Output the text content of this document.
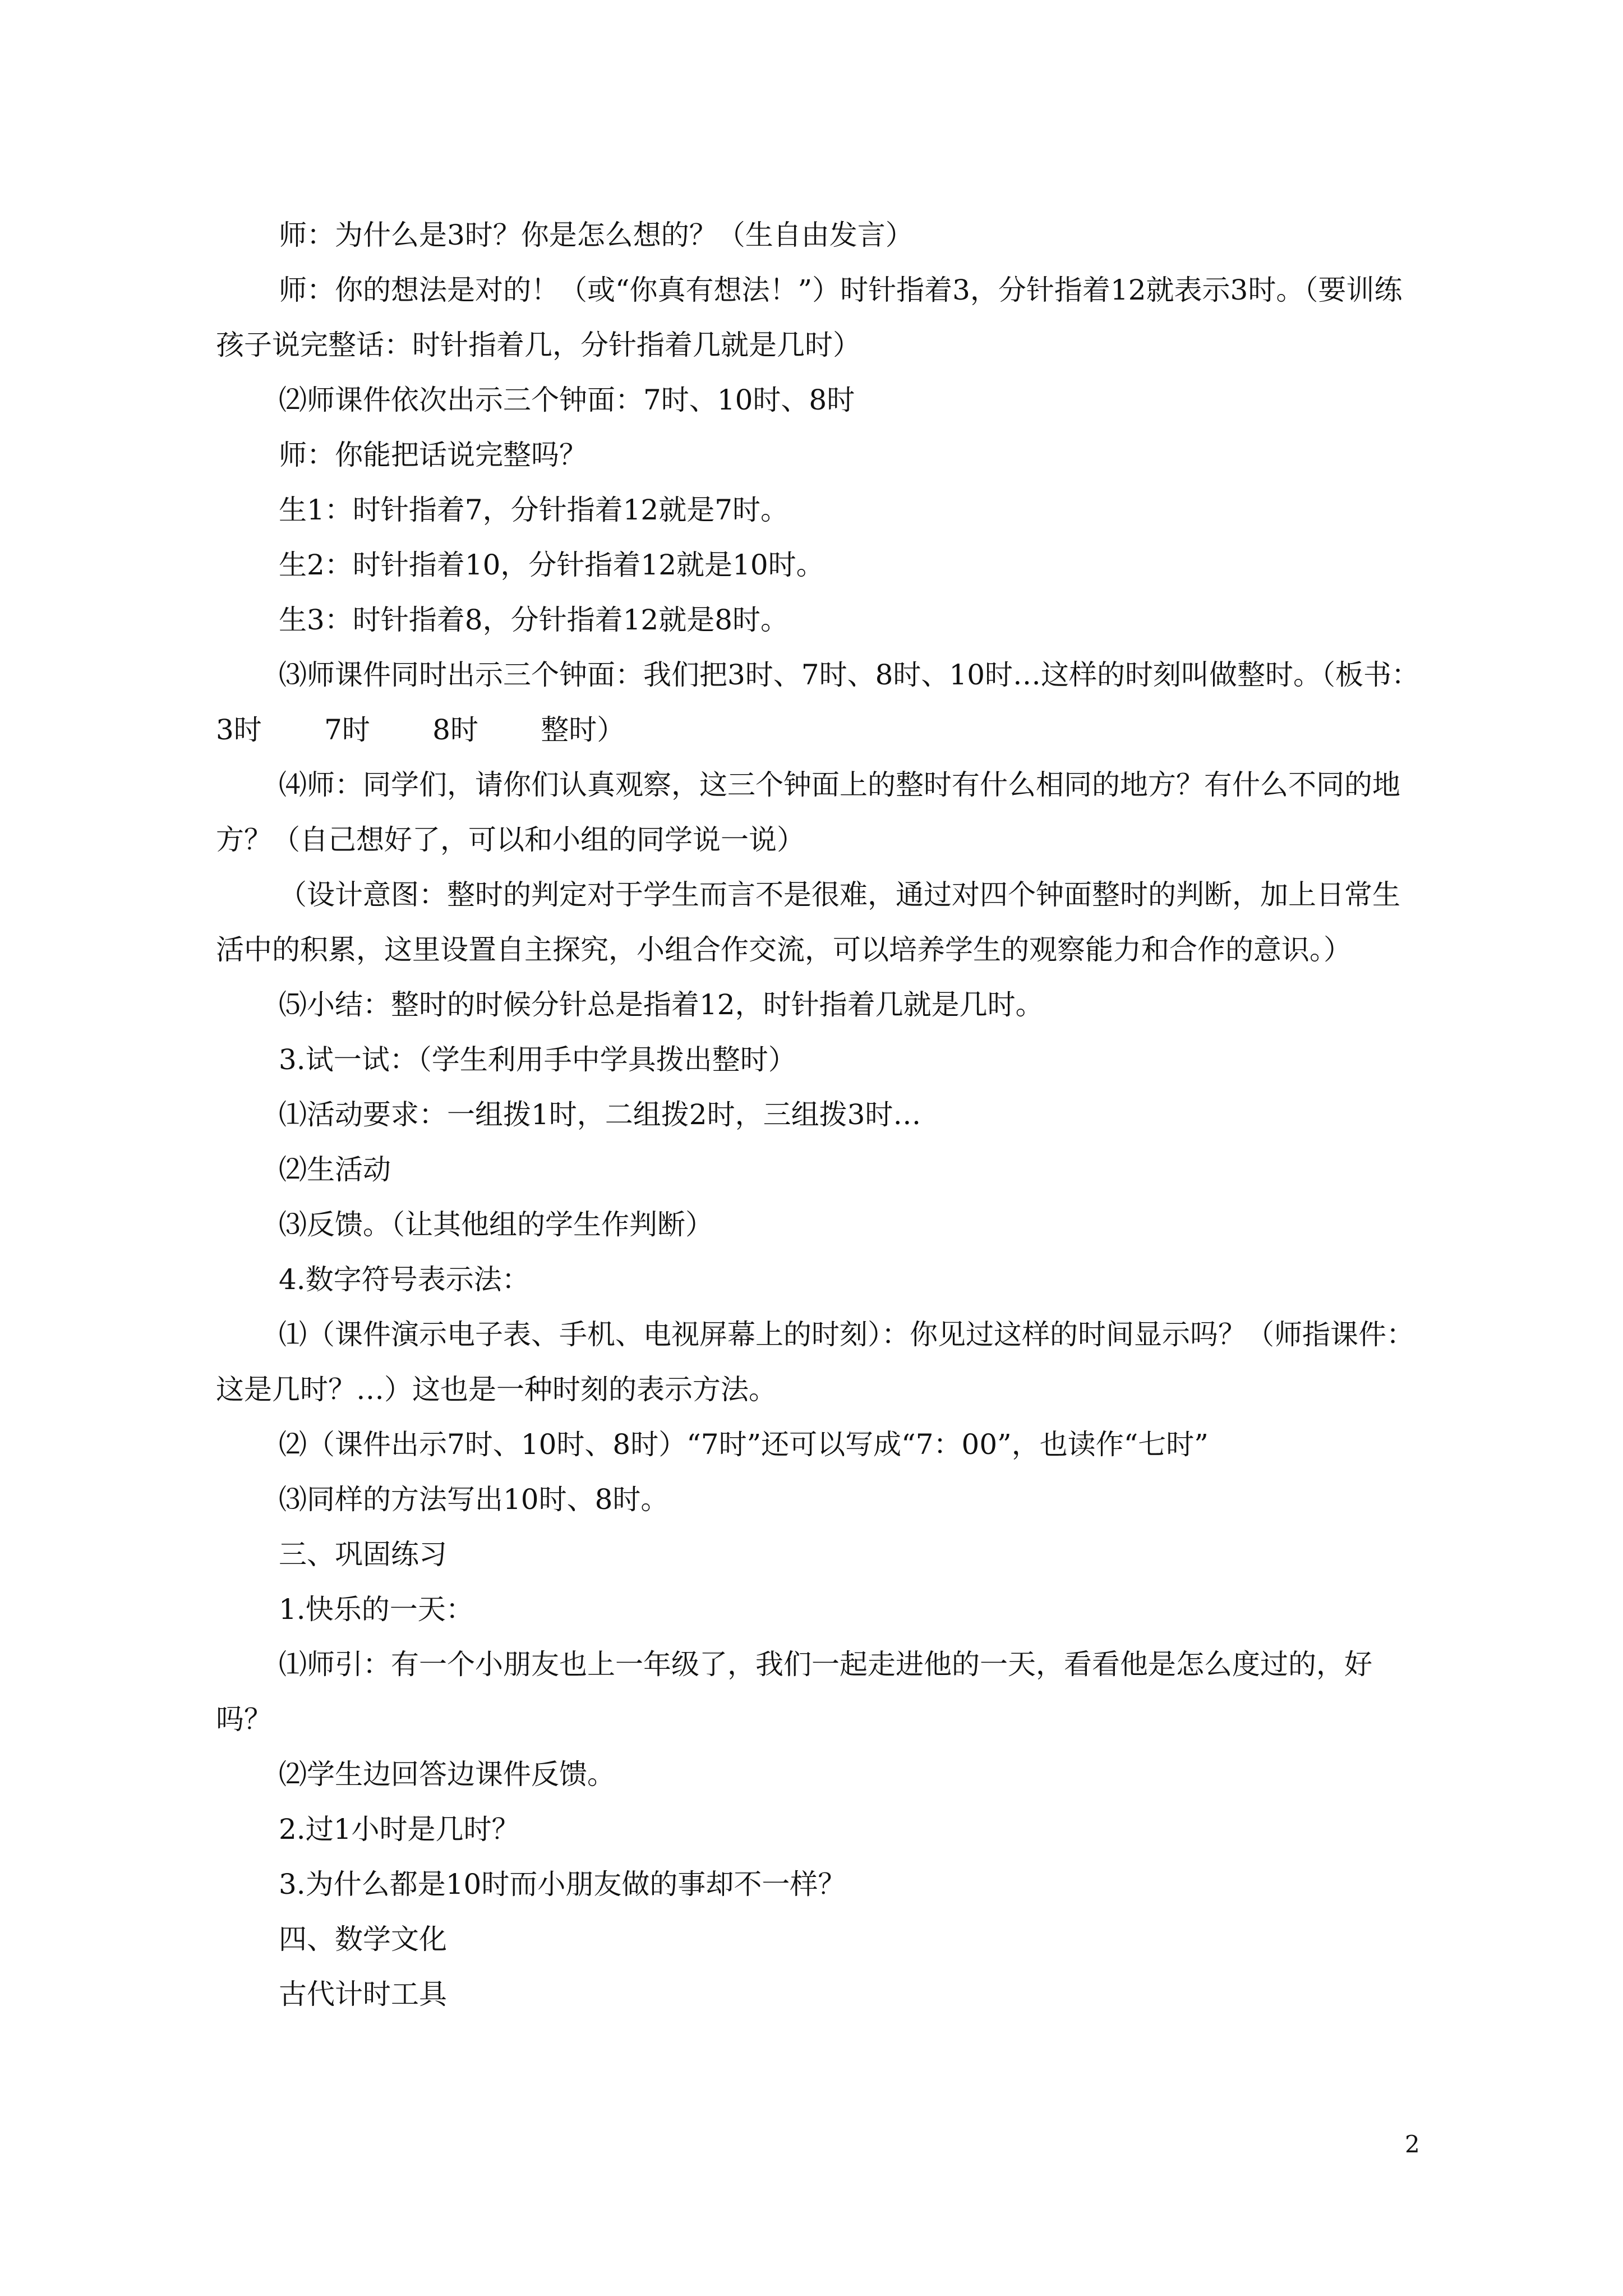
师：为什么是3时？你是怎么想的？（生自由发言）

师：你的想法是对的！（或“你真有想法！”）时针指着3，分针指着12就表示3时。（要训练孩子说完整话：时针指着几，分针指着几就是几时）

⑵师课件依次出示三个钟面：7时、10时、8时

师：你能把话说完整吗？

生1：时针指着7，分针指着12就是7时。

生2：时针指着10，分针指着12就是10时。

生3：时针指着8，分针指着12就是8时。

⑶师课件同时出示三个钟面：我们把3时、7时、8时、10时…这样的时刻叫做整时。（板书：3时       7时       8时       整时）

⑷师：同学们，请你们认真观察，这三个钟面上的整时有什么相同的地方？有什么不同的地方？（自己想好了，可以和小组的同学说一说）

（设计意图：整时的判定对于学生而言不是很难，通过对四个钟面整时的判断，加上日常生活中的积累，这里设置自主探究，小组合作交流，可以培养学生的观察能力和合作的意识。）

⑸小结：整时的时候分针总是指着12，时针指着几就是几时。

3.试一试：（学生利用手中学具拨出整时）

⑴活动要求：一组拨1时，二组拨2时，三组拨3时…

⑵生活动

⑶反馈。（让其他组的学生作判断）

4.数字符号表示法：

⑴（课件演示电子表、手机、电视屏幕上的时刻）：你见过这样的时间显示吗？（师指课件：这是几时？…）这也是一种时刻的表示方法。

⑵（课件出示7时、10时、8时）“7时”还可以写成“7：00”，也读作“七时”

⑶同样的方法写出10时、8时。

三、巩固练习

1.快乐的一天：

⑴师引：有一个小朋友也上一年级了，我们一起走进他的一天，看看他是怎么度过的，好吗？

⑵学生边回答边课件反馈。

2.过1小时是几时？

3.为什么都是10时而小朋友做的事却不一样？

四、数学文化

古代计时工具

2
